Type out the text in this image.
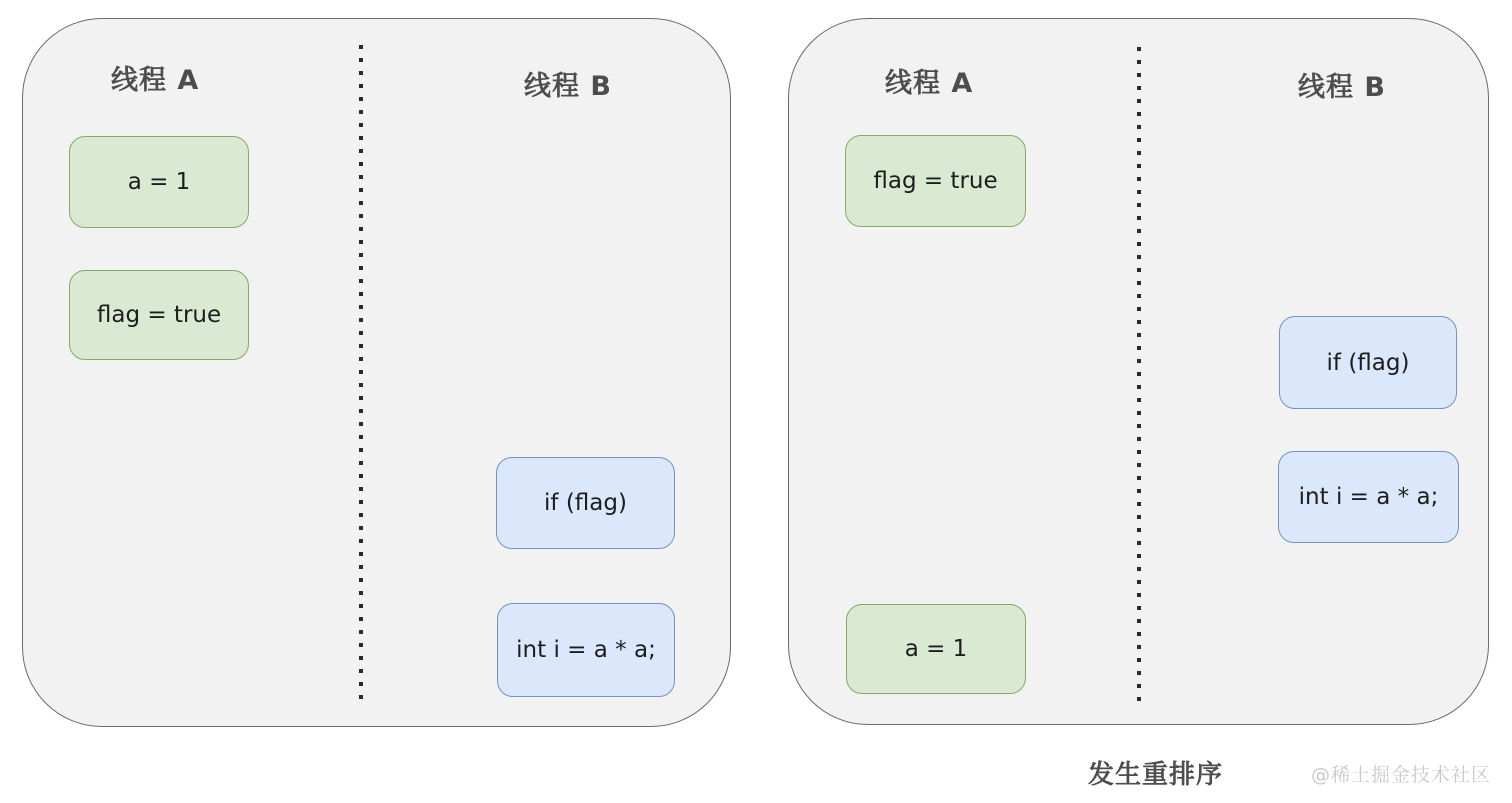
线程 A	线程 B
a = 1
flag = true
if (flag)
int i = a * a;
线程 A	线程 B
flag = true
if (flag)
int i = a * a;
a = 1
发生重排序	@稀土掘金技术社区
